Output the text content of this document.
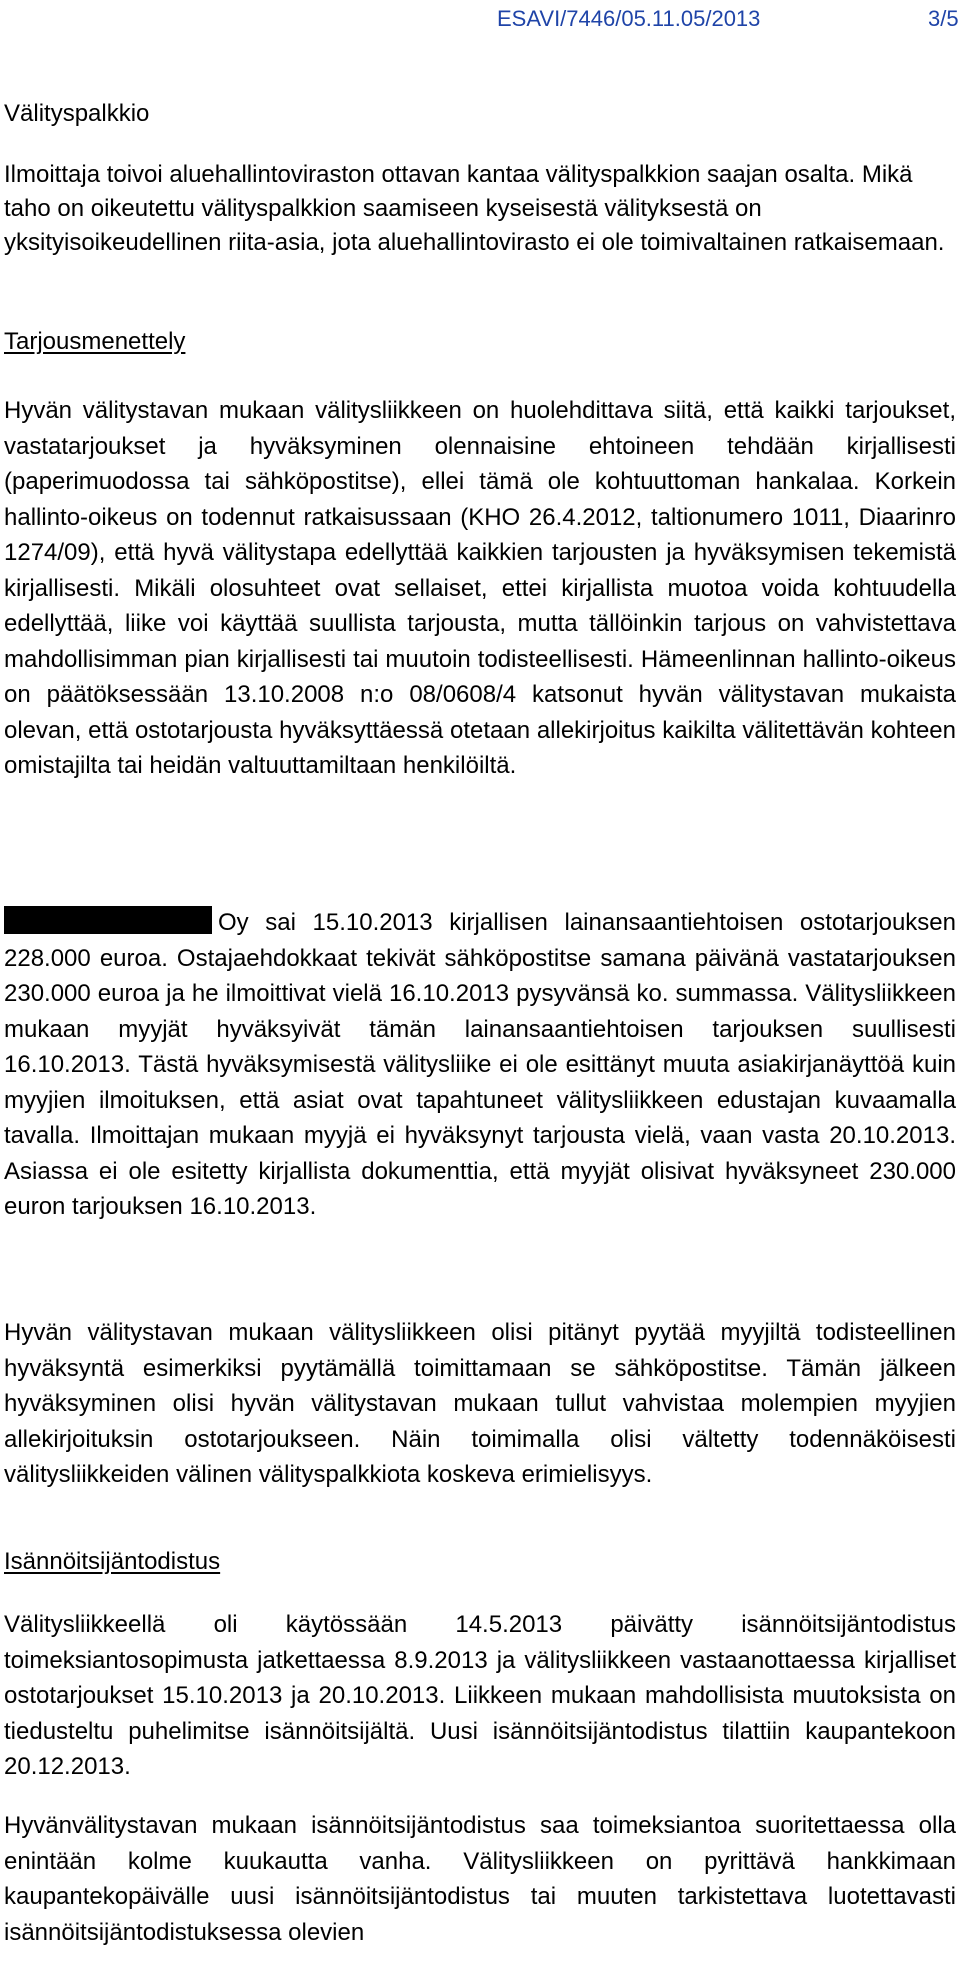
ESAVI/7446/05.11.05/2013	3/5
Välityspalkkio

Ilmoittaja toivoi aluehallintoviraston ottavan kantaa välityspalkkion saajan osalta. Mikä taho on oikeutettu välityspalkkion saamiseen kyseisestä välityksestä on yksityisoikeudellinen riita-asia, jota aluehallintovirasto ei ole toimivaltainen ratkaisemaan.

Tarjousmenettely

Hyvän välitystavan mukaan välitysliikkeen on huolehdittava siitä, että kaikki tarjoukset, vastatarjoukset ja hyväksyminen olennaisine ehtoineen tehdään kirjallisesti (paperimuodossa tai sähköpostitse), ellei tämä ole kohtuuttoman hankalaa. Korkein hallinto-oikeus on todennut ratkaisussaan (KHO 26.4.2012, taltionumero 1011, Diaarinro 1274/09), että hyvä välitystapa edellyttää kaikkien tarjousten ja hyväksymisen tekemistä kirjallisesti. Mikäli olosuhteet ovat sellaiset, ettei kirjallista muotoa voida kohtuudella edellyttää, liike voi käyttää suullista tarjousta, mutta tällöinkin tarjous on vahvistettava mahdollisimman pian kirjallisesti tai muutoin todisteellisesti. Hämeenlinnan hallinto-oikeus on päätöksessään 13.10.2008 n:o 08/0608/4 katsonut hyvän välitystavan mukaista olevan, että ostotarjousta hyväksyttäessä otetaan allekirjoitus kaikilta välitettävän kohteen omistajilta tai heidän valtuuttamiltaan henkilöiltä.

Oy sai 15.10.2013 kirjallisen lainansaantiehtoisen ostotarjouksen 228.000 euroa. Ostajaehdokkaat tekivät sähköpostitse samana päivänä vastatarjouksen 230.000 euroa ja he ilmoittivat vielä 16.10.2013 pysyvänsä ko. summassa. Välitysliikkeen mukaan myyjät hyväksyivät tämän lainansaantiehtoisen tarjouksen suullisesti 16.10.2013. Tästä hyväksymisestä välitysliike ei ole esittänyt muuta asiakirjanäyttöä kuin myyjien ilmoituksen, että asiat ovat tapahtuneet välitysliikkeen edustajan kuvaamalla tavalla. Ilmoittajan mukaan myyjä ei hyväksynyt tarjousta vielä, vaan vasta 20.10.2013. Asiassa ei ole esitetty kirjallista dokumenttia, että myyjät olisivat hyväksyneet 230.000 euron tarjouksen 16.10.2013.

Hyvän välitystavan mukaan välitysliikkeen olisi pitänyt pyytää myyjiltä todisteellinen hyväksyntä esimerkiksi pyytämällä toimittamaan se sähköpostitse. Tämän jälkeen hyväksyminen olisi hyvän välitystavan mukaan tullut vahvistaa molempien myyjien allekirjoituksin ostotarjoukseen. Näin toimimalla olisi vältetty todennäköisesti välitysliikkeiden välinen välityspalkkiota koskeva erimielisyys.

Isännöitsijäntodistus

Välitysliikkeellä oli käytössään 14.5.2013 päivätty isännöitsijäntodistus toimeksiantosopimusta jatkettaessa 8.9.2013 ja välitysliikkeen vastaanottaessa kirjalliset ostotarjoukset 15.10.2013 ja 20.10.2013. Liikkeen mukaan mahdollisista muutoksista on tiedusteltu puhelimitse isännöitsijältä. Uusi isännöitsijäntodistus tilattiin kaupantekoon 20.12.2013.

Hyvänvälitystavan mukaan isännöitsijäntodistus saa toimeksiantoa suoritettaessa olla enintään kolme kuukautta vanha. Välitysliikkeen on pyrittävä hankkimaan kaupantekopäivälle uusi isännöitsijäntodistus tai muuten tarkistettava luotettavasti isännöitsijäntodistuksessa olevien
